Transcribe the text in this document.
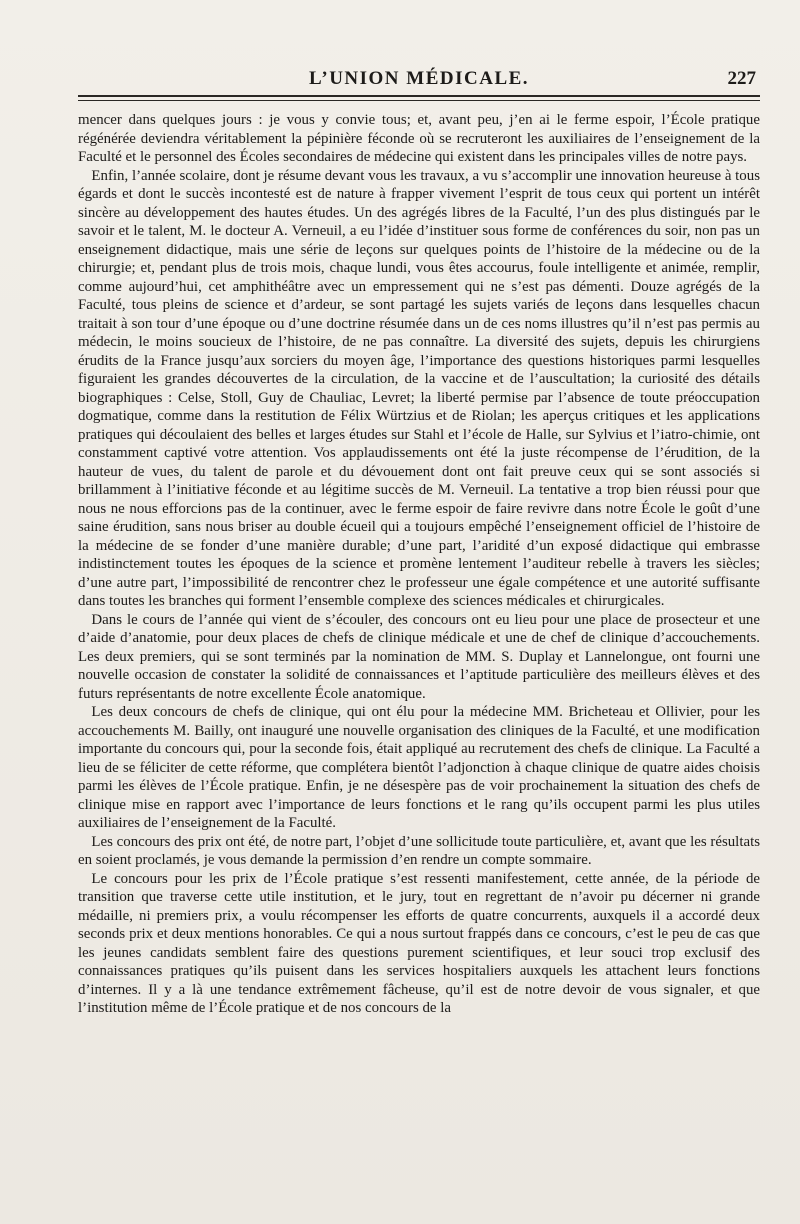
L’UNION MÉDICALE.	227

mencer dans quelques jours : je vous y convie tous; et, avant peu, j’en ai le ferme espoir, l’École pratique régénérée deviendra véritablement la pépinière féconde où se recruteront les auxiliaires de l’enseignement de la Faculté et le personnel des Écoles secondaires de médecine qui existent dans les principales villes de notre pays.

Enfin, l’année scolaire, dont je résume devant vous les travaux, a vu s’accomplir une innovation heureuse à tous égards et dont le succès incontesté est de nature à frapper vivement l’esprit de tous ceux qui portent un intérêt sincère au développement des hautes études. Un des agrégés libres de la Faculté, l’un des plus distingués par le savoir et le talent, M. le docteur A. Verneuil, a eu l’idée d’instituer sous forme de conférences du soir, non pas un enseignement didactique, mais une série de leçons sur quelques points de l’histoire de la médecine ou de la chirurgie; et, pendant plus de trois mois, chaque lundi, vous êtes accourus, foule intelligente et animée, remplir, comme aujourd’hui, cet amphithéâtre avec un empressement qui ne s’est pas démenti. Douze agrégés de la Faculté, tous pleins de science et d’ardeur, se sont partagé les sujets variés de leçons dans lesquelles chacun traitait à son tour d’une époque ou d’une doctrine résumée dans un de ces noms illustres qu’il n’est pas permis au médecin, le moins soucieux de l’histoire, de ne pas connaître. La diversité des sujets, depuis les chirurgiens érudits de la France jusqu’aux sorciers du moyen âge, l’importance des questions historiques parmi lesquelles figuraient les grandes découvertes de la circulation, de la vaccine et de l’auscultation; la curiosité des détails biographiques : Celse, Stoll, Guy de Chauliac, Levret; la liberté permise par l’absence de toute préoccupation dogmatique, comme dans la restitution de Félix Würtzius et de Riolan; les aperçus critiques et les applications pratiques qui découlaient des belles et larges études sur Stahl et l’école de Halle, sur Sylvius et l’iatro-chimie, ont constamment captivé votre attention. Vos applaudissements ont été la juste récompense de l’érudition, de la hauteur de vues, du talent de parole et du dévouement dont ont fait preuve ceux qui se sont associés si brillamment à l’initiative féconde et au légitime succès de M. Verneuil. La tentative a trop bien réussi pour que nous ne nous efforcions pas de la continuer, avec le ferme espoir de faire revivre dans notre École le goût d’une saine érudition, sans nous briser au double écueil qui a toujours empêché l’enseignement officiel de l’histoire de la médecine de se fonder d’une manière durable; d’une part, l’aridité d’un exposé didactique qui embrasse indistinctement toutes les époques de la science et promène lentement l’auditeur rebelle à travers les siècles; d’une autre part, l’impossibilité de rencontrer chez le professeur une égale compétence et une autorité suffisante dans toutes les branches qui forment l’ensemble complexe des sciences médicales et chirurgicales.

Dans le cours de l’année qui vient de s’écouler, des concours ont eu lieu pour une place de prosecteur et une d’aide d’anatomie, pour deux places de chefs de clinique médicale et une de chef de clinique d’accouchements. Les deux premiers, qui se sont terminés par la nomination de MM. S. Duplay et Lannelongue, ont fourni une nouvelle occasion de constater la solidité de connaissances et l’aptitude particulière des meilleurs élèves et des futurs représentants de notre excellente École anatomique.

Les deux concours de chefs de clinique, qui ont élu pour la médecine MM. Bricheteau et Ollivier, pour les accouchements M. Bailly, ont inauguré une nouvelle organisation des cliniques de la Faculté, et une modification importante du concours qui, pour la seconde fois, était appliqué au recrutement des chefs de clinique. La Faculté a lieu de se féliciter de cette réforme, que complétera bientôt l’adjonction à chaque clinique de quatre aides choisis parmi les élèves de l’École pratique. Enfin, je ne désespère pas de voir prochainement la situation des chefs de clinique mise en rapport avec l’importance de leurs fonctions et le rang qu’ils occupent parmi les plus utiles auxiliaires de l’enseignement de la Faculté.

Les concours des prix ont été, de notre part, l’objet d’une sollicitude toute particulière, et, avant que les résultats en soient proclamés, je vous demande la permission d’en rendre un compte sommaire.

Le concours pour les prix de l’École pratique s’est ressenti manifestement, cette année, de la période de transition que traverse cette utile institution, et le jury, tout en regrettant de n’avoir pu décerner ni grande médaille, ni premiers prix, a voulu récompenser les efforts de quatre concurrents, auxquels il a accordé deux seconds prix et deux mentions honorables. Ce qui a nous surtout frappés dans ce concours, c’est le peu de cas que les jeunes candidats semblent faire des questions purement scientifiques, et leur souci trop exclusif des connaissances pratiques qu’ils puisent dans les services hospitaliers auxquels les attachent leurs fonctions d’internes. Il y a là une tendance extrêmement fâcheuse, qu’il est de notre devoir de vous signaler, et que l’institution même de l’École pratique et de nos concours de la
